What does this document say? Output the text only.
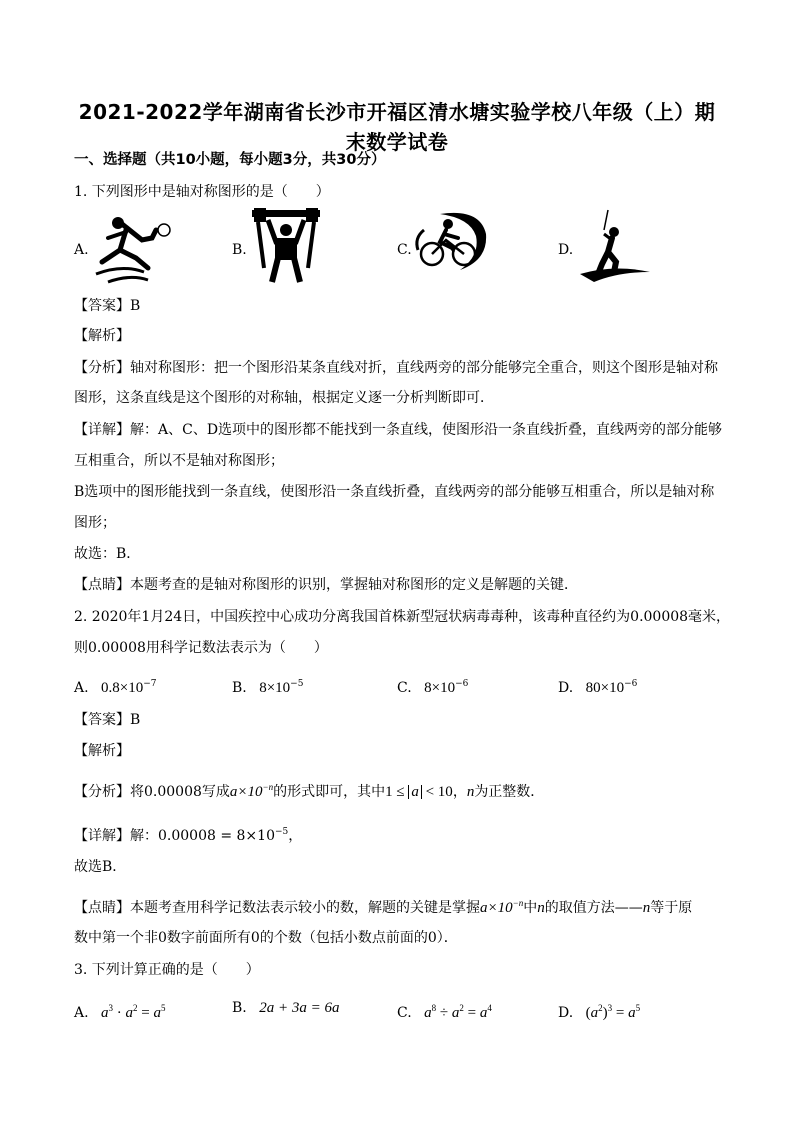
2021-2022学年湖南省长沙市开福区清水塘实验学校八年级（上）期
末数学试卷
一、选择题（共10小题，每小题3分，共30分）
1. 下列图形中是轴对称图形的是（　　）
A.	B.	C.	D.
【答案】B
【解析】
【分析】轴对称图形：把一个图形沿某条直线对折，直线两旁的部分能够完全重合，则这个图形是轴对称
图形，这条直线是这个图形的对称轴，根据定义逐一分析判断即可．
【详解】解：A、C、D选项中的图形都不能找到一条直线，使图形沿一条直线折叠，直线两旁的部分能够
互相重合，所以不是轴对称图形；
B选项中的图形能找到一条直线，使图形沿一条直线折叠，直线两旁的部分能够互相重合，所以是轴对称
图形；
故选：B．
【点睛】本题考查的是轴对称图形的识别，掌握轴对称图形的定义是解题的关键．
2. 2020年1月24日，中国疾控中心成功分离我国首株新型冠状病毒毒种，该毒种直径约为0.00008毫米，
则0.00008用科学记数法表示为（　　）
A. $0.8\times 10^{-7}$	B. $8\times 10^{-5}$	C. $8\times 10^{-6}$	D. $80\times 10^{-6}$
【答案】B
【解析】
【分析】将0.00008写成$a\times 10^{-n}$的形式即可，其中1 ≤ a < 10，n为正整数．
【详解】解：$0.00008 = 8\times 10^{-5}$，
故选B．
【点睛】本题考查用科学记数法表示较小的数，解题的关键是掌握$a\times 10^{-n}$中n的取值方法——n等于原
数中第一个非0数字前面所有0的个数（包括小数点前面的0）．
3. 下列计算正确的是（　　）
A. $a^3 \cdot a^2 = a^5$	B. 2a + 3a = 6a	C. $a^8 \div a^2 = a^4$	D. $(a^2)^3 = a^5$
